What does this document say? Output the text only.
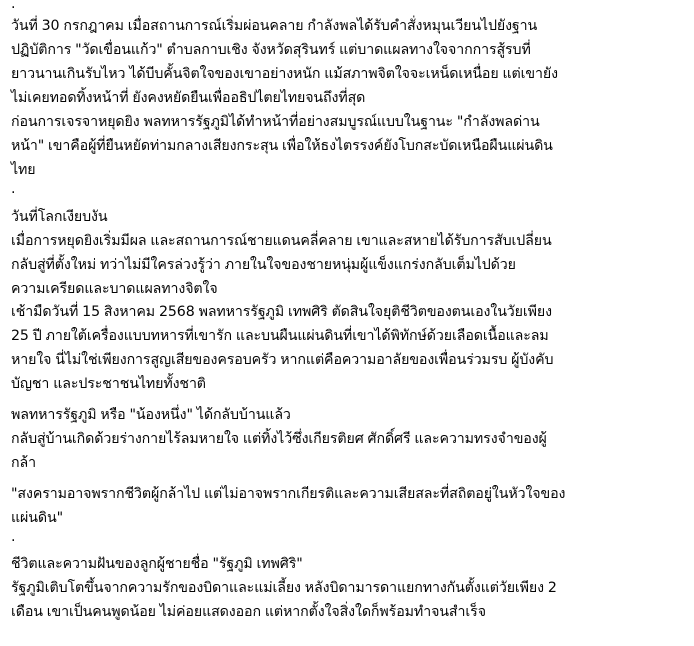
.
วันที่ 30 กรกฎาคม เมื่อสถานการณ์เริ่มผ่อนคลาย กำลังพลได้รับคำสั่งหมุนเวียนไปยังฐาน
ปฏิบัติการ "วัดเขื่อนแก้ว" ตำบลกาบเชิง จังหวัดสุรินทร์ แต่บาดแผลทางใจจากการสู้รบที่
ยาวนานเกินรับไหว ได้บีบคั้นจิตใจของเขาอย่างหนัก แม้สภาพจิตใจจะเหน็ดเหนื่อย แต่เขายัง
ไม่เคยทอดทิ้งหน้าที่ ยังคงหยัดยืนเพื่ออธิปไตยไทยจนถึงที่สุด
ก่อนการเจรจาหยุดยิง พลทหารรัฐภูมิได้ทำหน้าที่อย่างสมบูรณ์แบบในฐานะ "กำลังพลด่าน
หน้า" เขาคือผู้ที่ยืนหยัดท่ามกลางเสียงกระสุน เพื่อให้ธงไตรรงค์ยังโบกสะบัดเหนือผืนแผ่นดิน
ไทย
.
วันที่โลกเงียบงัน
เมื่อการหยุดยิงเริ่มมีผล และสถานการณ์ชายแดนคลี่คลาย เขาและสหายได้รับการสับเปลี่ยน
กลับสู่ที่ตั้งใหม่ ทว่าไม่มีใครล่วงรู้ว่า ภายในใจของชายหนุ่มผู้แข็งแกร่งกลับเต็มไปด้วย
ความเครียดและบาดแผลทางจิตใจ
เช้ามืดวันที่ 15 สิงหาคม 2568 พลทหารรัฐภูมิ เทพศิริ ตัดสินใจยุติชีวิตของตนเองในวัยเพียง
25 ปี ภายใต้เครื่องแบบทหารที่เขารัก และบนผืนแผ่นดินที่เขาได้พิทักษ์ด้วยเลือดเนื้อและลม
หายใจ นี่ไม่ใช่เพียงการสูญเสียของครอบครัว หากแต่คือความอาลัยของเพื่อนร่วมรบ ผู้บังคับ
บัญชา และประชาชนไทยทั้งชาติ
พลทหารรัฐภูมิ หรือ "น้องหนึ่ง" ได้กลับบ้านแล้ว
กลับสู่บ้านเกิดด้วยร่างกายไร้ลมหายใจ แต่ทิ้งไว้ซึ่งเกียรติยศ ศักดิ์ศรี และความทรงจำของผู้
กล้า
"สงครามอาจพรากชีวิตผู้กล้าไป แต่ไม่อาจพรากเกียรติและความเสียสละที่สถิตอยู่ในหัวใจของ
แผ่นดิน"
.
ชีวิตและความฝันของลูกผู้ชายชื่อ "รัฐภูมิ เทพศิริ"
รัฐภูมิเติบโตขึ้นจากความรักของบิดาและแม่เลี้ยง หลังบิดามารดาแยกทางกันตั้งแต่วัยเพียง 2
เดือน เขาเป็นคนพูดน้อย ไม่ค่อยแสดงออก แต่หากตั้งใจสิ่งใดก็พร้อมทำจนสำเร็จ
